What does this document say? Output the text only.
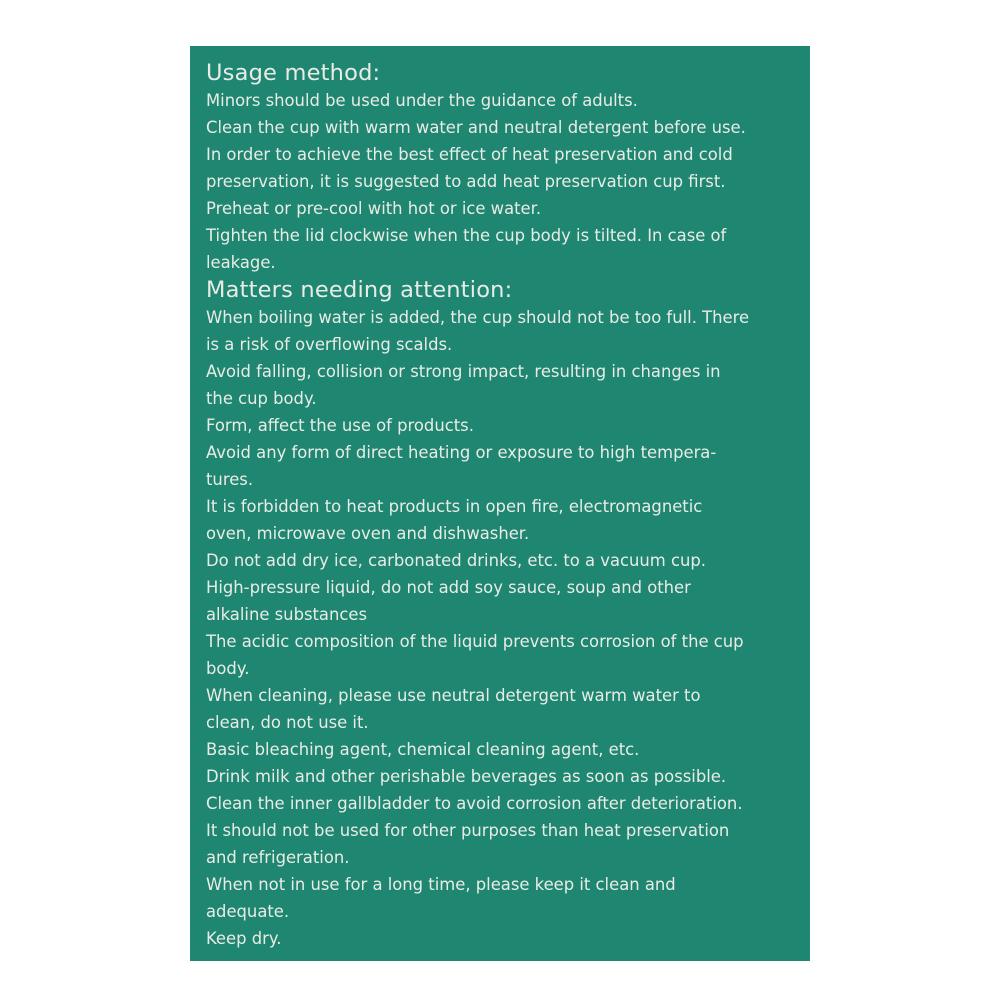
Usage method:
Minors should be used under the guidance of adults.
Clean the cup with warm water and neutral detergent before use.
In order to achieve the best effect of heat preservation and cold
preservation, it is suggested to add heat preservation cup first.
Preheat or pre-cool with hot or ice water.
Tighten the lid clockwise when the cup body is tilted. In case of
leakage.
Matters needing attention:
When boiling water is added, the cup should not be too full. There
is a risk of overflowing scalds.
Avoid falling, collision or strong impact, resulting in changes in
the cup body.
Form, affect the use of products.
Avoid any form of direct heating or exposure to high tempera-
tures.
It is forbidden to heat products in open fire, electromagnetic
oven, microwave oven and dishwasher.
Do not add dry ice, carbonated drinks, etc. to a vacuum cup.
High-pressure liquid, do not add soy sauce, soup and other
alkaline substances
The acidic composition of the liquid prevents corrosion of the cup
body.
When cleaning, please use neutral detergent warm water to
clean, do not use it.
Basic bleaching agent, chemical cleaning agent, etc.
Drink milk and other perishable beverages as soon as possible.
Clean the inner gallbladder to avoid corrosion after deterioration.
It should not be used for other purposes than heat preservation
and refrigeration.
When not in use for a long time, please keep it clean and
adequate.
Keep dry.
